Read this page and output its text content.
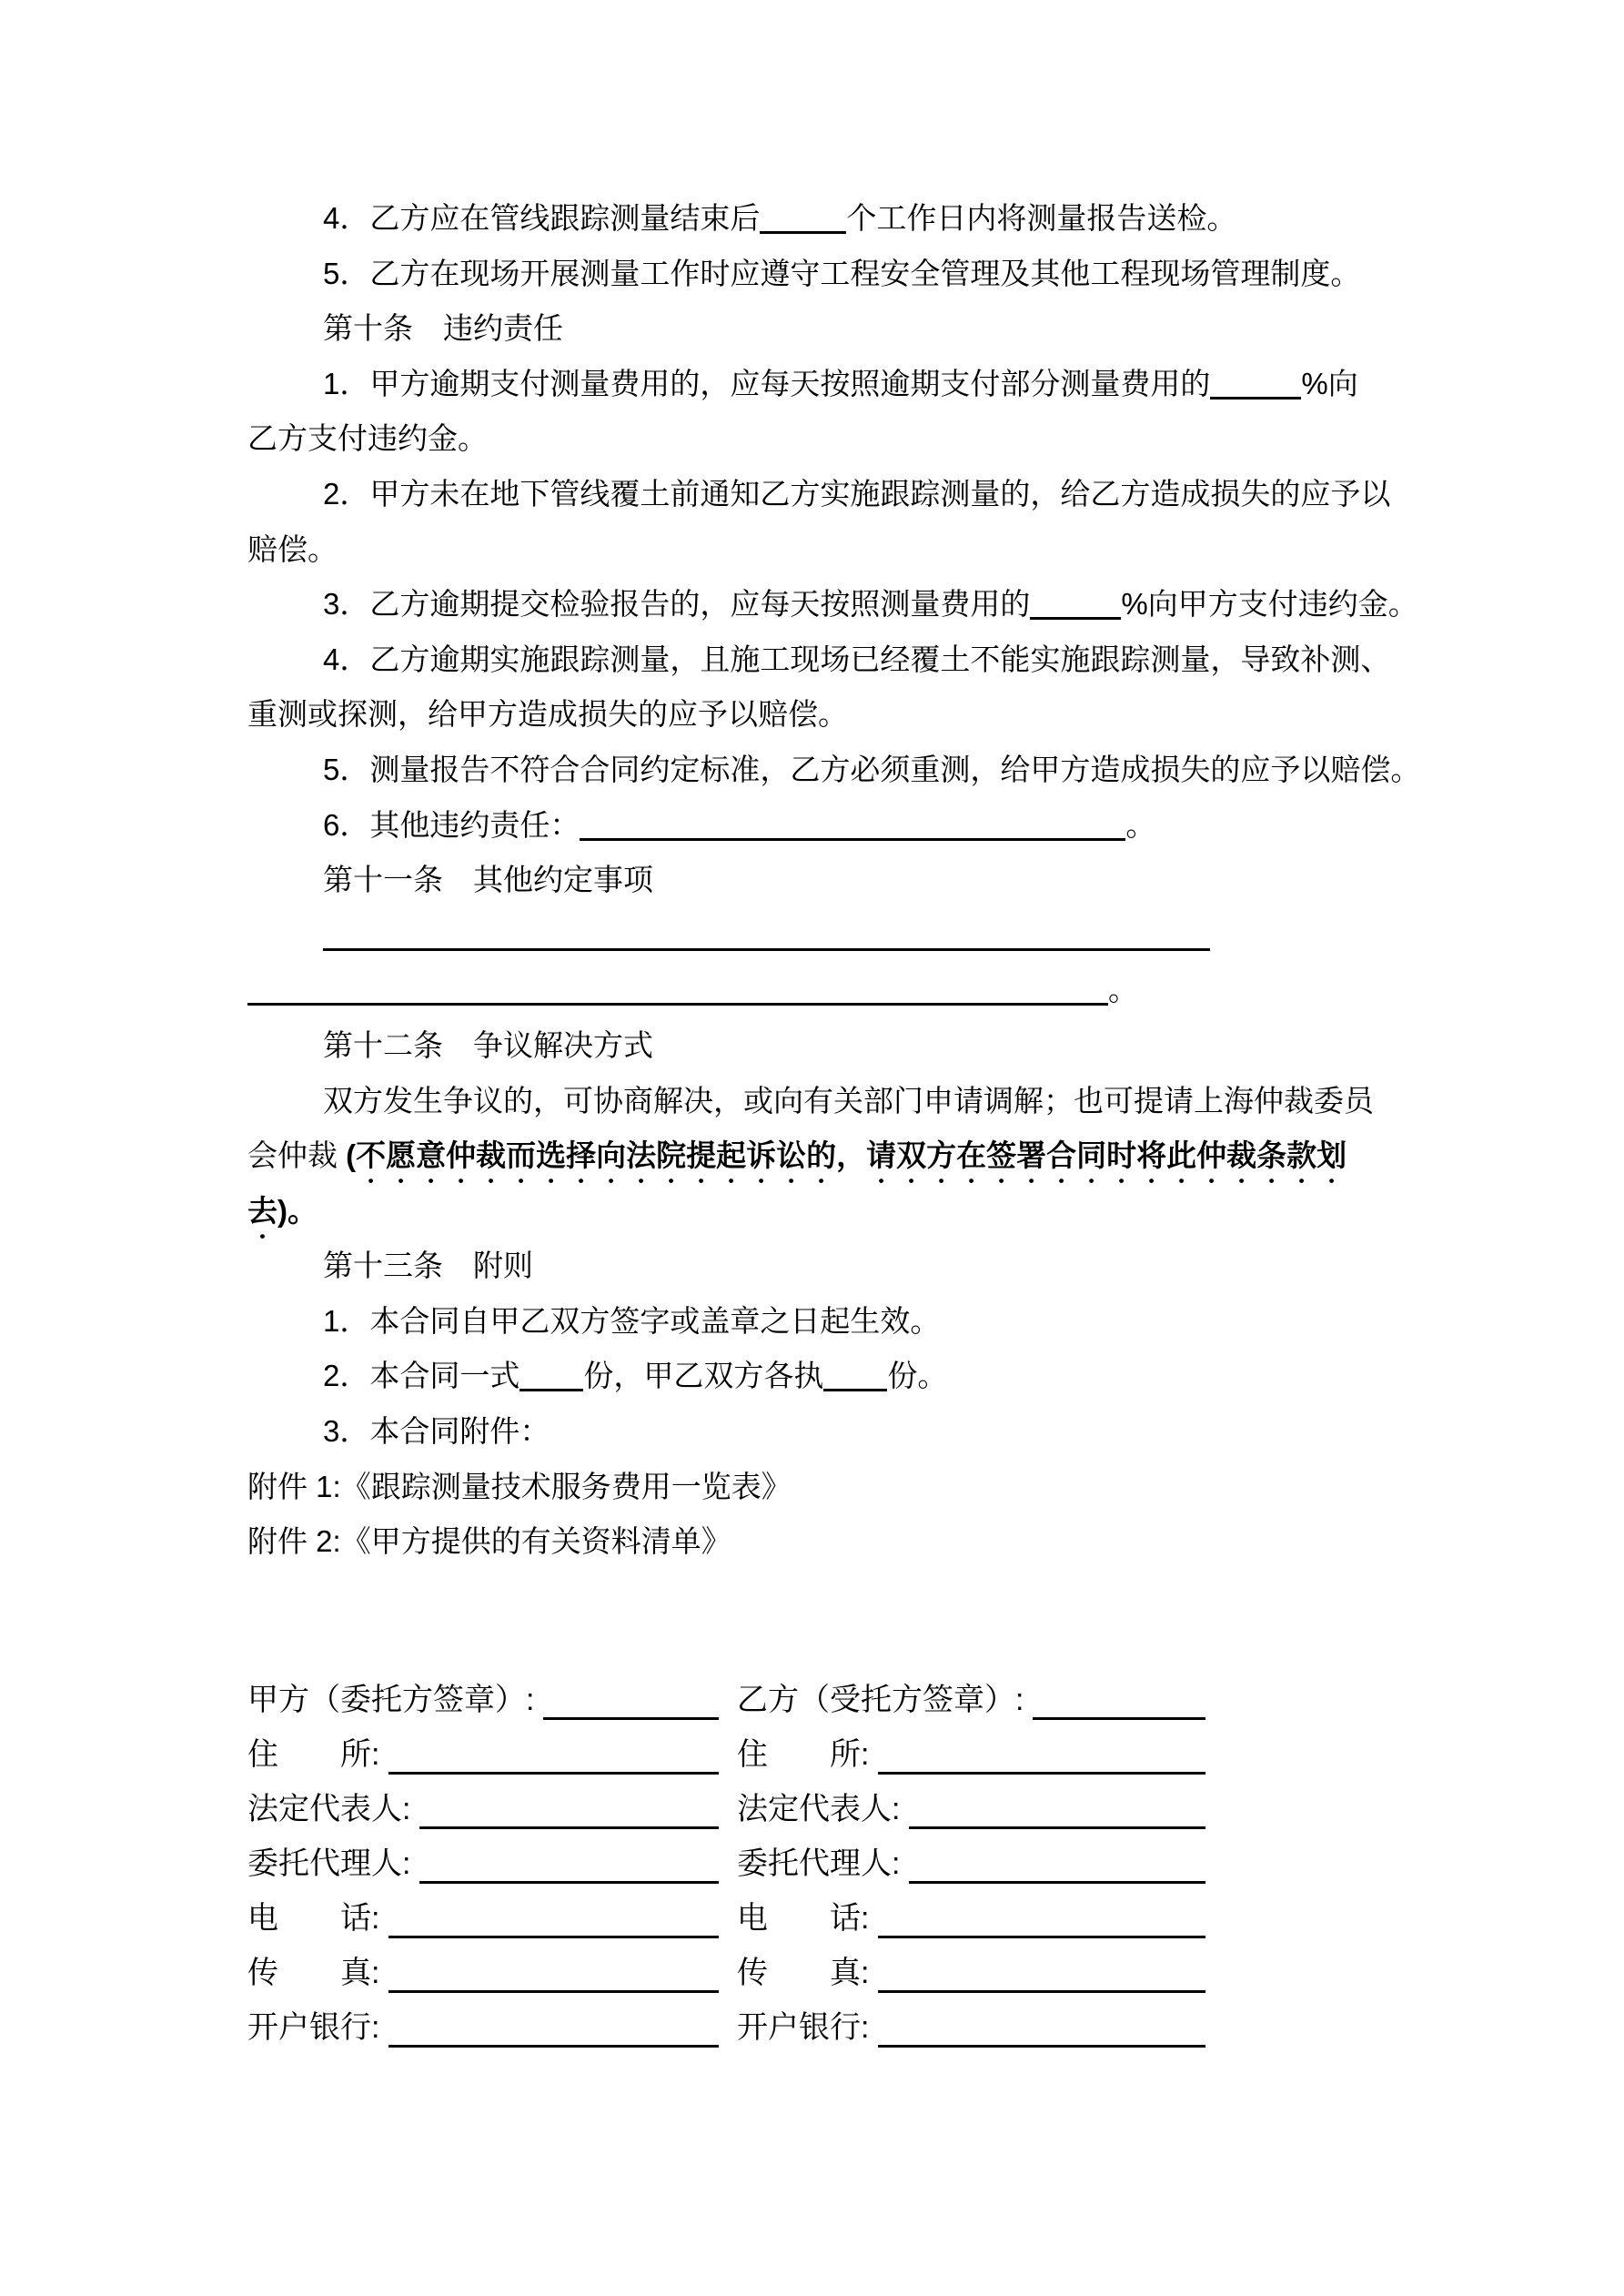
4．乙方应在管线跟踪测量结束后	个工作日内将测量报告送检。

5．乙方在现场开展测量工作时应遵守工程安全管理及其他工程现场管理制度。

第十条　违约责任

1．甲方逾期支付测量费用的，应每天按照逾期支付部分测量费用的	%向

乙方支付违约金。

2．甲方未在地下管线覆土前通知乙方实施跟踪测量的，给乙方造成损失的应予以

赔偿。

3．乙方逾期提交检验报告的，应每天按照测量费用的	%向甲方支付违约金。

4．乙方逾期实施跟踪测量，且施工现场已经覆土不能实施跟踪测量，导致补测、

重测或探测，给甲方造成损失的应予以赔偿。

5．测量报告不符合合同约定标准，乙方必须重测，给甲方造成损失的应予以赔偿。

6．其他违约责任：	。

第十一条　其他约定事项

。

第十二条　争议解决方式

双方发生争议的，可协商解决，或向有关部门申请调解；也可提请上海仲裁委员

会仲裁 (不愿意仲裁而选择向法院提起诉讼的，请双方在签署合同时将此仲裁条款划

去)。

第十三条　附则

1．本合同自甲乙双方签字或盖章之日起生效。

2．本合同一式 份，甲乙双方各执 份。

3．本合同附件：

附件 1:《跟踪测量技术服务费用一览表》

附件 2:《甲方提供的有关资料清单》

甲方（委托方签章）:	乙方（受托方签章）:
住　　所:	住　　所:
法定代表人:	法定代表人:
委托代理人:	委托代理人:
电　　话:	电　　话:
传　　真:	传　　真:
开户银行:	开户银行:
